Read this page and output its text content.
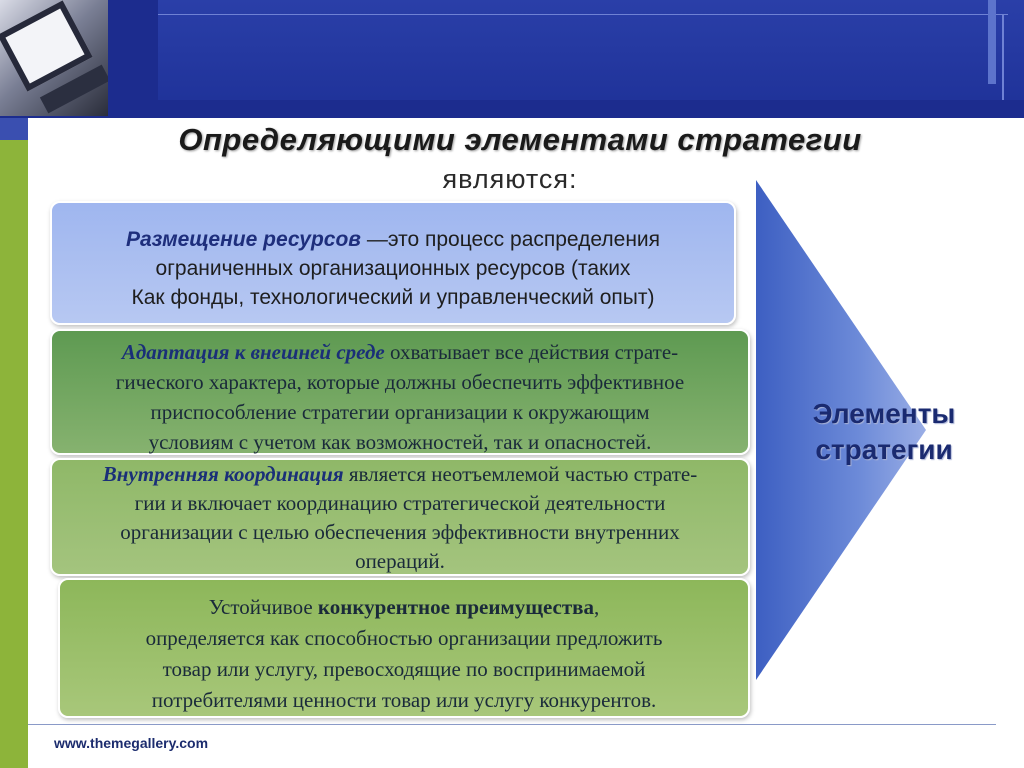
Определяющими элементами стратегии
являются:
Элементы
стратегии
Размещение ресурсов —это процесс распределения
ограниченных организационных ресурсов (таких
Как фонды, технологический и управленческий опыт)
Адаптация к внешней среде охватывает все действия страте-
гического характера, которые должны обеспечить эффективное
приспособление стратегии организации к окружающим
условиям с учетом как возможностей, так и опасностей.
Внутренняя координация является неотъемлемой частью страте-
гии и включает координацию стратегической деятельности
организации с целью обеспечения эффективности внутренних
операций.
Устойчивое конкурентное преимущества,
определяется как способностью организации предложить
товар или услугу, превосходящие по воспринимаемой
потребителями ценности товар или услугу конкурентов.
www.themegallery.com
